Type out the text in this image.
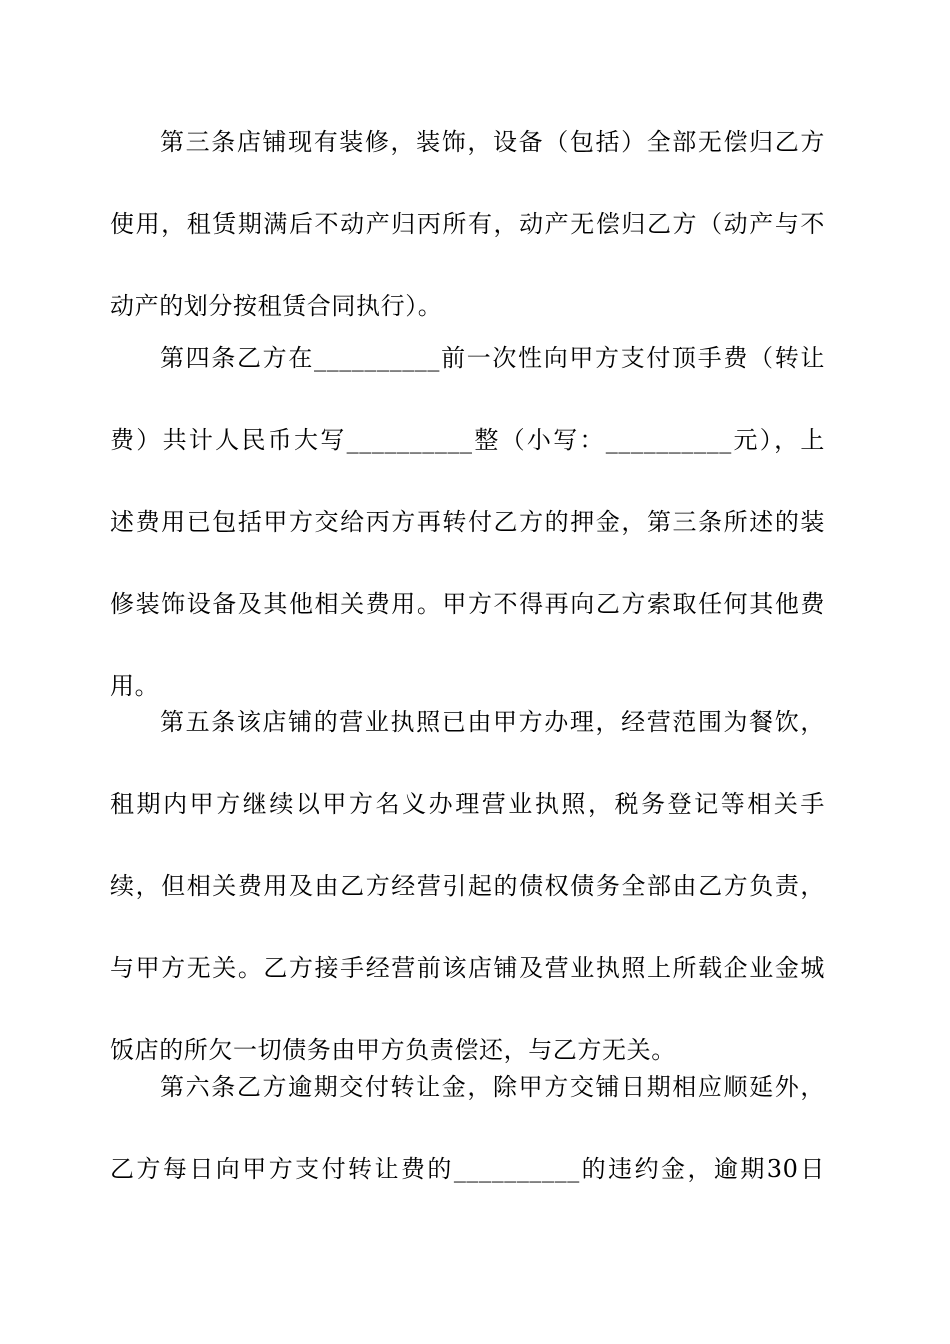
第三条店铺现有装修，装饰，设备（包括）全部无偿归乙方
使用，租赁期满后不动产归丙所有，动产无偿归乙方（动产与不
动产的划分按租赁合同执行）。

第四条乙方在__________前一次性向甲方支付顶手费（转让
费）共计人民币大写__________整（小写：__________元），上
述费用已包括甲方交给丙方再转付乙方的押金，第三条所述的装
修装饰设备及其他相关费用。甲方不得再向乙方索取任何其他费
用。

第五条该店铺的营业执照已由甲方办理，经营范围为餐饮，
租期内甲方继续以甲方名义办理营业执照，税务登记等相关手
续，但相关费用及由乙方经营引起的债权债务全部由乙方负责，
与甲方无关。乙方接手经营前该店铺及营业执照上所载企业金城
饭店的所欠一切债务由甲方负责偿还，与乙方无关。

第六条乙方逾期交付转让金，除甲方交铺日期相应顺延外，
乙方每日向甲方支付转让费的__________的违约金，逾期30日
